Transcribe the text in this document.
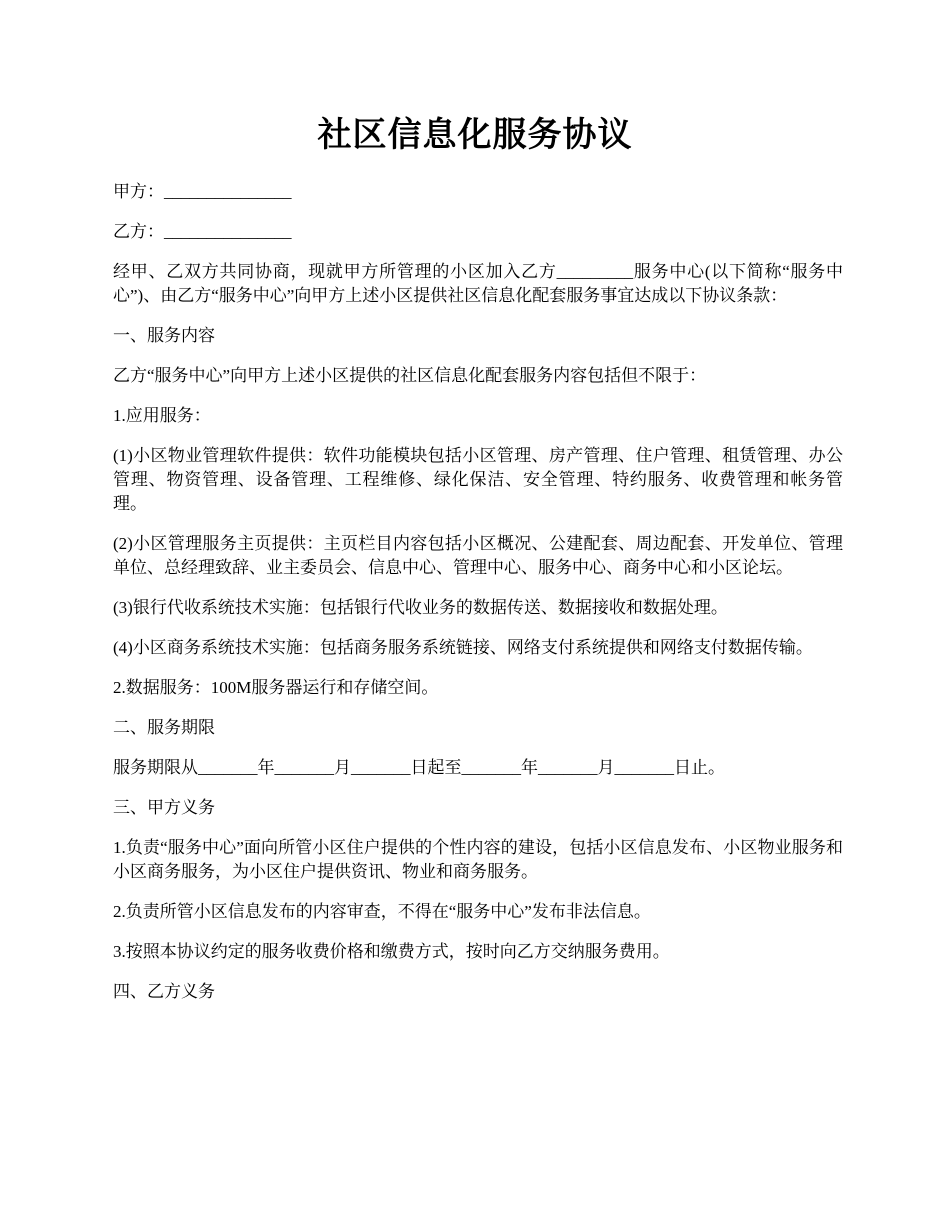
社区信息化服务协议

甲方：_______________

乙方：_______________

经甲、乙双方共同协商，现就甲方所管理的小区加入乙方_________服务中心(以下简称“服务中心”)、由乙方“服务中心”向甲方上述小区提供社区信息化配套服务事宜达成以下协议条款：

一、服务内容

乙方“服务中心”向甲方上述小区提供的社区信息化配套服务内容包括但不限于：

1.应用服务：

(1)小区物业管理软件提供：软件功能模块包括小区管理、房产管理、住户管理、租赁管理、办公管理、物资管理、设备管理、工程维修、绿化保洁、安全管理、特约服务、收费管理和帐务管理。

(2)小区管理服务主页提供：主页栏目内容包括小区概况、公建配套、周边配套、开发单位、管理单位、总经理致辞、业主委员会、信息中心、管理中心、服务中心、商务中心和小区论坛。

(3)银行代收系统技术实施：包括银行代收业务的数据传送、数据接收和数据处理。

(4)小区商务系统技术实施：包括商务服务系统链接、网络支付系统提供和网络支付数据传输。

2.数据服务：100M服务器运行和存储空间。

二、服务期限

服务期限从_______年_______月_______日起至_______年_______月_______日止。

三、甲方义务

1.负责“服务中心”面向所管小区住户提供的个性内容的建设，包括小区信息发布、小区物业服务和小区商务服务，为小区住户提供资讯、物业和商务服务。

2.负责所管小区信息发布的内容审查，不得在“服务中心”发布非法信息。

3.按照本协议约定的服务收费价格和缴费方式，按时向乙方交纳服务费用。

四、乙方义务
